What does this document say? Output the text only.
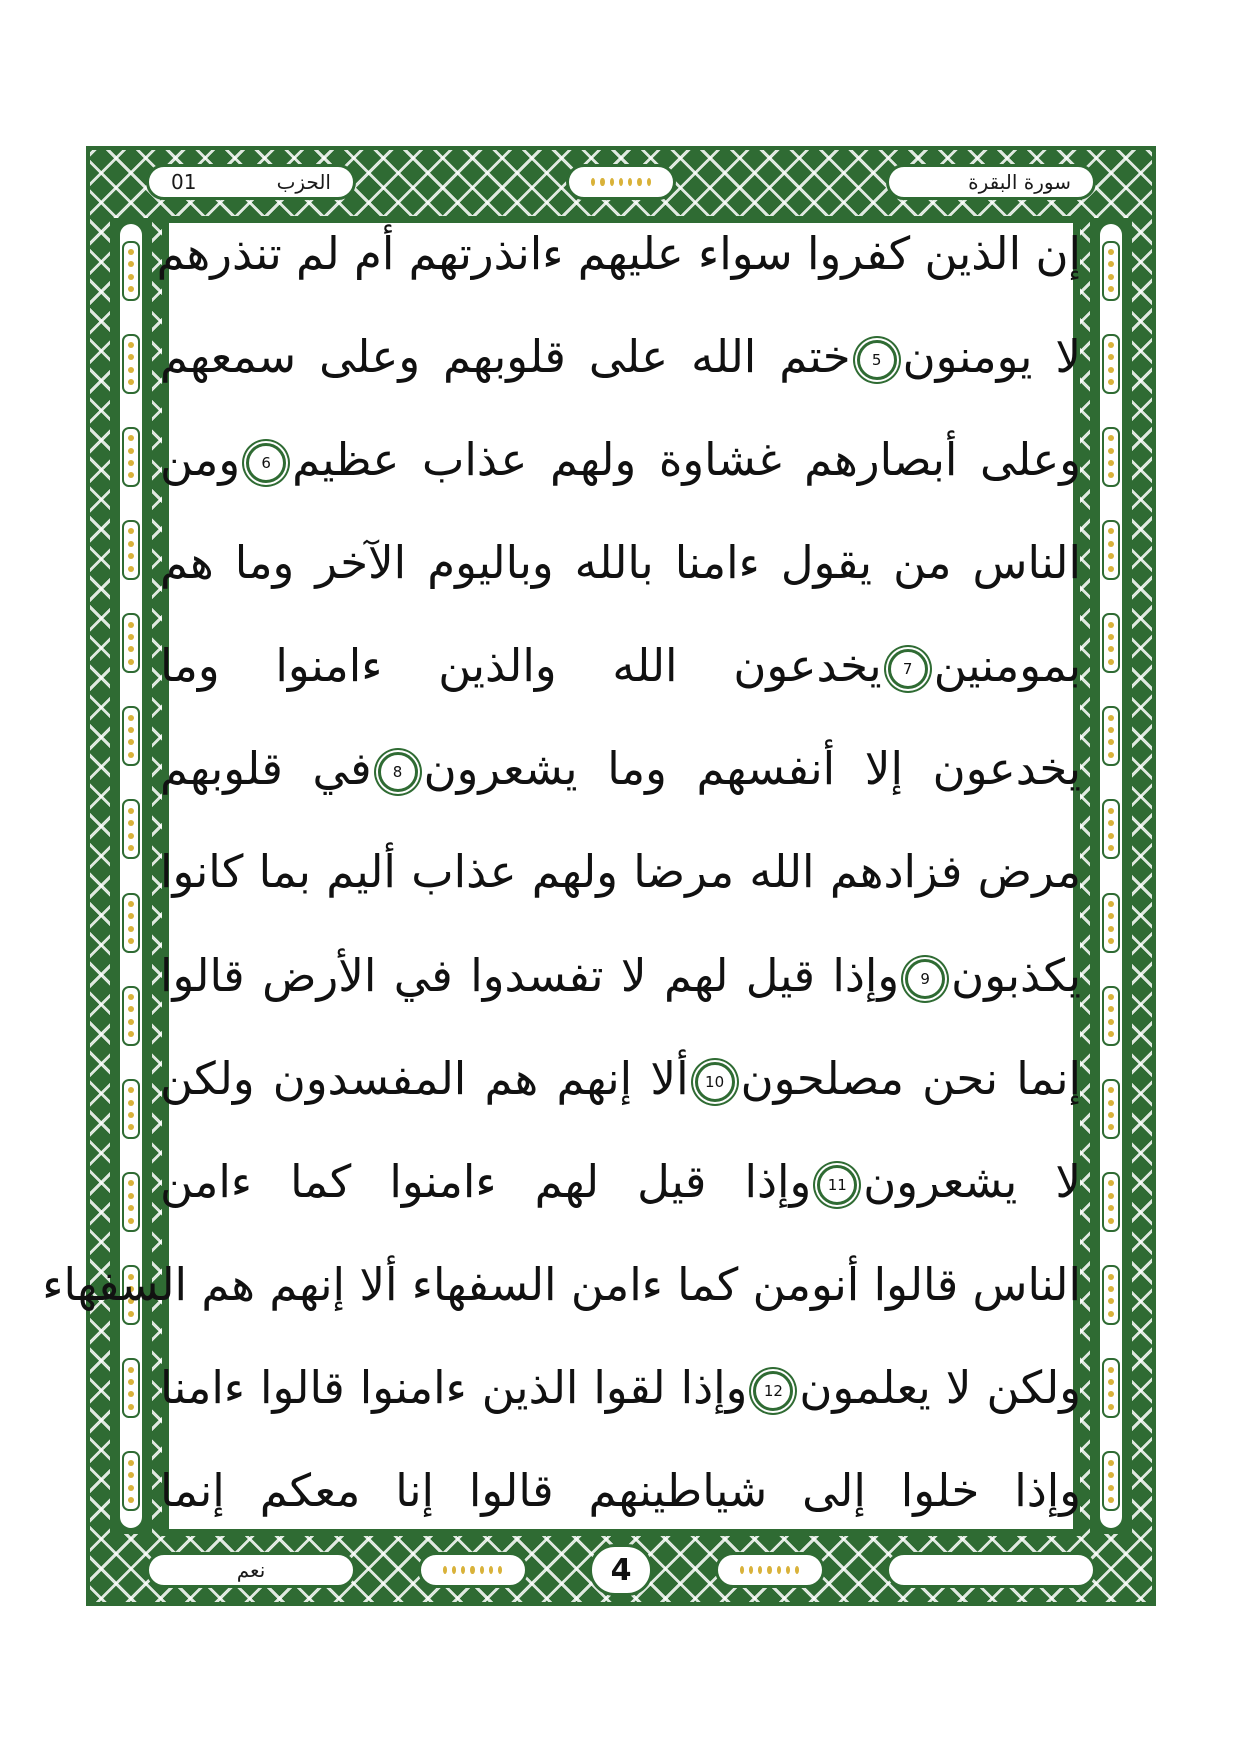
01	الحزب	سورة البقرة
نعم	4
إن الذين كفروا سواء عليهم ءانذرتهم أم لم تنذرهم
لا يومنون5ختم الله على قلوبهم وعلى سمعهم
وعلى أبصارهم غشاوة ولهم عذاب عظيم6ومن
الناس من يقول ءامنا بالله وباليوم الآخر وما هم
بمومنين7يخدعون الله والذين ءامنوا وما
يخدعون إلا أنفسهم وما يشعرون8في قلوبهم
مرض فزادهم الله مرضا ولهم عذاب أليم بما كانوا
يكذبون9وإذا قيل لهم لا تفسدوا في الأرض قالوا
إنما نحن مصلحون10ألا إنهم هم المفسدون ولكن
لا يشعرون11وإذا قيل لهم ءامنوا كما ءامن
الناس قالوا أنومن كما ءامن السفهاء ألا إنهم هم السفهاء
ولكن لا يعلمون12وإذا لقوا الذين ءامنوا قالوا ءامنا
وإذا خلوا إلى شياطينهم قالوا إنا معكم إنما
